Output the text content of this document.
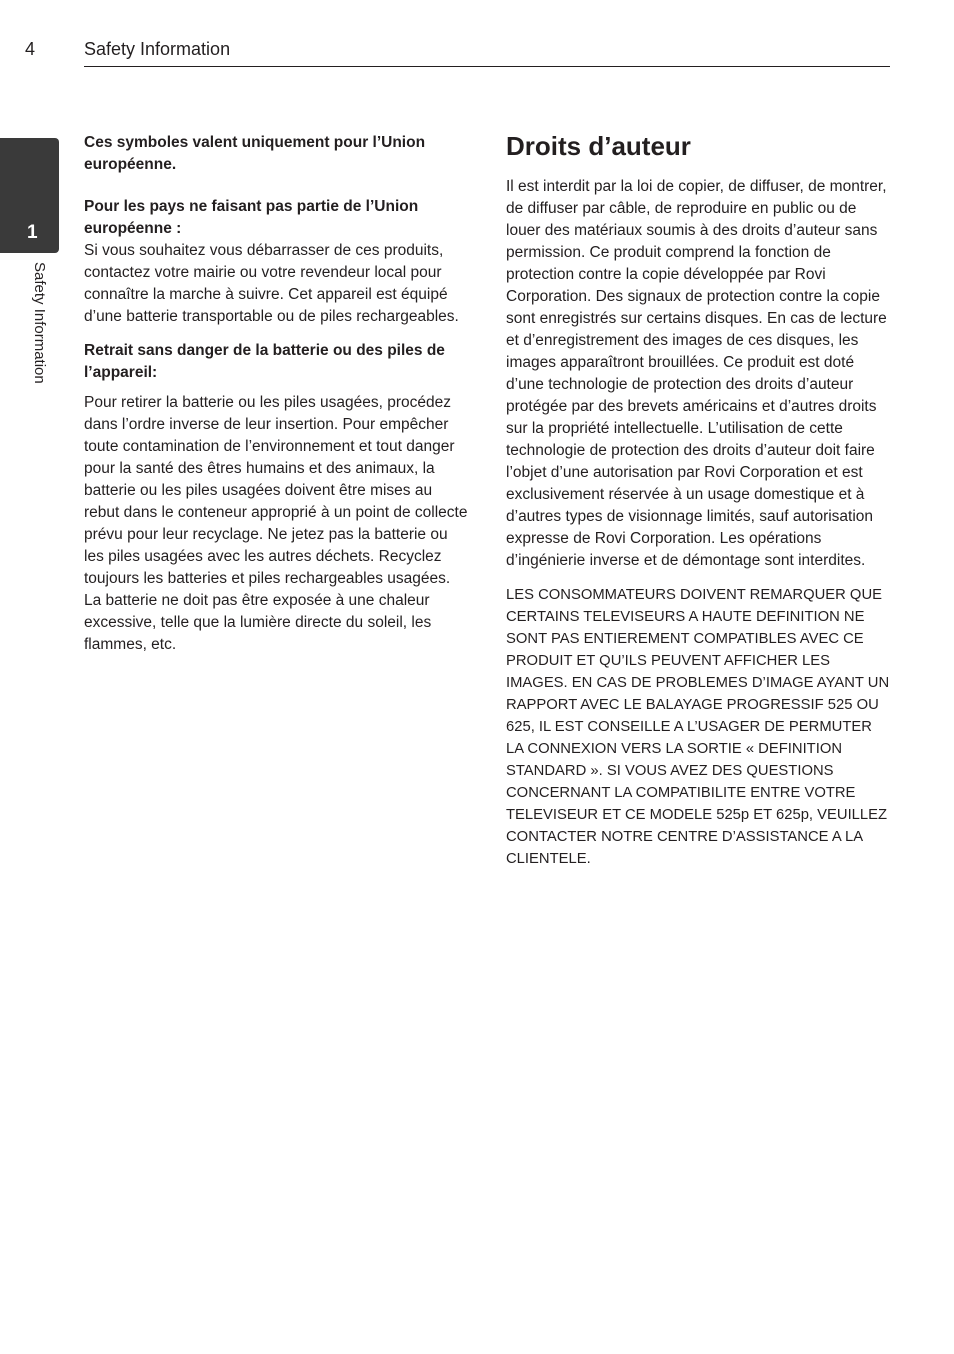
4	Safety Information
1
Safety Information

Ces symboles valent uniquement pour l’Union européenne.

Pour les pays ne faisant pas partie de l’Union européenne :

Si vous souhaitez vous débarrasser de ces produits, contactez votre mairie ou votre revendeur local pour connaître la marche à suivre. Cet appareil est équipé d’une batterie transportable ou de piles rechargeables.

Retrait sans danger de la batterie ou des piles de l’appareil:

Pour retirer la batterie ou les piles usagées, procédez dans l’ordre inverse de leur insertion. Pour empêcher toute contamination de l’environnement et tout danger pour la santé des êtres humains et des animaux, la batterie ou les piles usagées doivent être mises au rebut dans le conteneur approprié à un point de collecte prévu pour leur recyclage. Ne jetez pas la batterie ou les piles usagées avec les autres déchets. Recyclez toujours les batteries et piles rechargeables usagées.

La batterie ne doit pas être exposée à une chaleur excessive, telle que la lumière directe du soleil, les flammes, etc.

Droits d’auteur

Il est interdit par la loi de copier, de diffuser, de montrer, de diffuser par câble, de reproduire en public ou de louer des matériaux soumis à des droits d’auteur sans permission. Ce produit comprend la fonction de protection contre la copie développée par Rovi Corporation. Des signaux de protection contre la copie sont enregistrés sur certains disques. En cas de lecture et d’enregistrement des images de ces disques, les images apparaîtront brouillées. Ce produit est doté d’une technologie de protection des droits d’auteur protégée par des brevets américains et d’autres droits sur la propriété intellectuelle. L’utilisation de cette technologie de protection des droits d’auteur doit faire l’objet d’une autorisation par Rovi Corporation et est exclusivement réservée à un usage domestique et à d’autres types de visionnage limités, sauf autorisation expresse de Rovi Corporation. Les opérations d’ingénierie inverse et de démontage sont interdites.

LES CONSOMMATEURS DOIVENT REMARQUER QUE CERTAINS TELEVISEURS A HAUTE DEFINITION NE SONT PAS ENTIEREMENT COMPATIBLES AVEC CE PRODUIT ET QU’ILS PEUVENT AFFICHER LES IMAGES. EN CAS DE PROBLEMES D’IMAGE AYANT UN RAPPORT AVEC LE BALAYAGE PROGRESSIF 525 OU 625, IL EST CONSEILLE A L’USAGER DE PERMUTER LA CONNEXION VERS LA SORTIE « DEFINITION STANDARD ». SI VOUS AVEZ DES QUESTIONS CONCERNANT LA COMPATIBILITE ENTRE VOTRE TELEVISEUR ET CE MODELE 525p ET 625p, VEUILLEZ CONTACTER NOTRE CENTRE D’ASSISTANCE A LA CLIENTELE.
